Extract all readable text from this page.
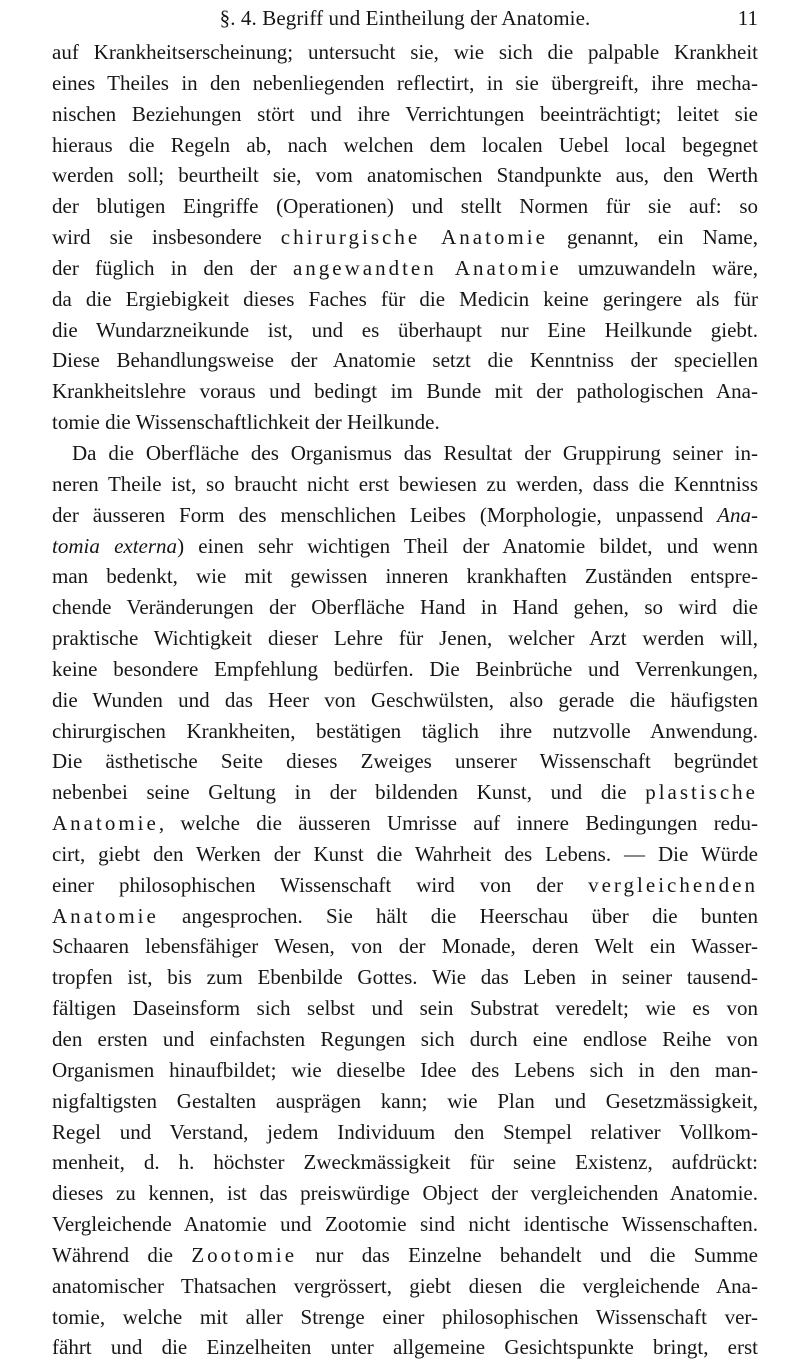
§. 4. Begriff und Eintheilung der Anatomie.	11
auf Krankheitserscheinung; untersucht sie, wie sich die palpable Krankheit
eines Theiles in den nebenliegenden reflectirt, in sie übergreift, ihre mecha-
nischen Beziehungen stört und ihre Verrichtungen beeinträchtigt; leitet sie
hieraus die Regeln ab, nach welchen dem localen Uebel local begegnet
werden soll; beurtheilt sie, vom anatomischen Standpunkte aus, den Werth
der blutigen Eingriffe (Operationen) und stellt Normen für sie auf: so
wird sie insbesondere chirurgische Anatomie genannt, ein Name,
der füglich in den der angewandten Anatomie umzuwandeln wäre,
da die Ergiebigkeit dieses Faches für die Medicin keine geringere als für
die Wundarzneikunde ist, und es überhaupt nur Eine Heilkunde giebt.
Diese Behandlungsweise der Anatomie setzt die Kenntniss der speciellen
Krankheitslehre voraus und bedingt im Bunde mit der pathologischen Ana-
tomie die Wissenschaftlichkeit der Heilkunde.
Da die Oberfläche des Organismus das Resultat der Gruppirung seiner in-
neren Theile ist, so braucht nicht erst bewiesen zu werden, dass die Kenntniss
der äusseren Form des menschlichen Leibes (Morphologie, unpassend Ana-
tomia externa) einen sehr wichtigen Theil der Anatomie bildet, und wenn
man bedenkt, wie mit gewissen inneren krankhaften Zuständen entspre-
chende Veränderungen der Oberfläche Hand in Hand gehen, so wird die
praktische Wichtigkeit dieser Lehre für Jenen, welcher Arzt werden will,
keine besondere Empfehlung bedürfen. Die Beinbrüche und Verrenkungen,
die Wunden und das Heer von Geschwülsten, also gerade die häufigsten
chirurgischen Krankheiten, bestätigen täglich ihre nutzvolle Anwendung.
Die ästhetische Seite dieses Zweiges unserer Wissenschaft begründet
nebenbei seine Geltung in der bildenden Kunst, und die plastische
Anatomie, welche die äusseren Umrisse auf innere Bedingungen redu-
cirt, giebt den Werken der Kunst die Wahrheit des Lebens. — Die Würde
einer philosophischen Wissenschaft wird von der vergleichenden
Anatomie angesprochen. Sie hält die Heerschau über die bunten
Schaaren lebensfähiger Wesen, von der Monade, deren Welt ein Wasser-
tropfen ist, bis zum Ebenbilde Gottes. Wie das Leben in seiner tausend-
fältigen Daseinsform sich selbst und sein Substrat veredelt; wie es von
den ersten und einfachsten Regungen sich durch eine endlose Reihe von
Organismen hinaufbildet; wie dieselbe Idee des Lebens sich in den man-
nigfaltigsten Gestalten ausprägen kann; wie Plan und Gesetzmässigkeit,
Regel und Verstand, jedem Individuum den Stempel relativer Vollkom-
menheit, d. h. höchster Zweckmässigkeit für seine Existenz, aufdrückt:
dieses zu kennen, ist das preiswürdige Object der vergleichenden Anatomie.
Vergleichende Anatomie und Zootomie sind nicht identische Wissenschaften.
Während die Zootomie nur das Einzelne behandelt und die Summe
anatomischer Thatsachen vergrössert, giebt diesen die vergleichende Ana-
tomie, welche mit aller Strenge einer philosophischen Wissenschaft ver-
fährt und die Einzelheiten unter allgemeine Gesichtspunkte bringt, erst
